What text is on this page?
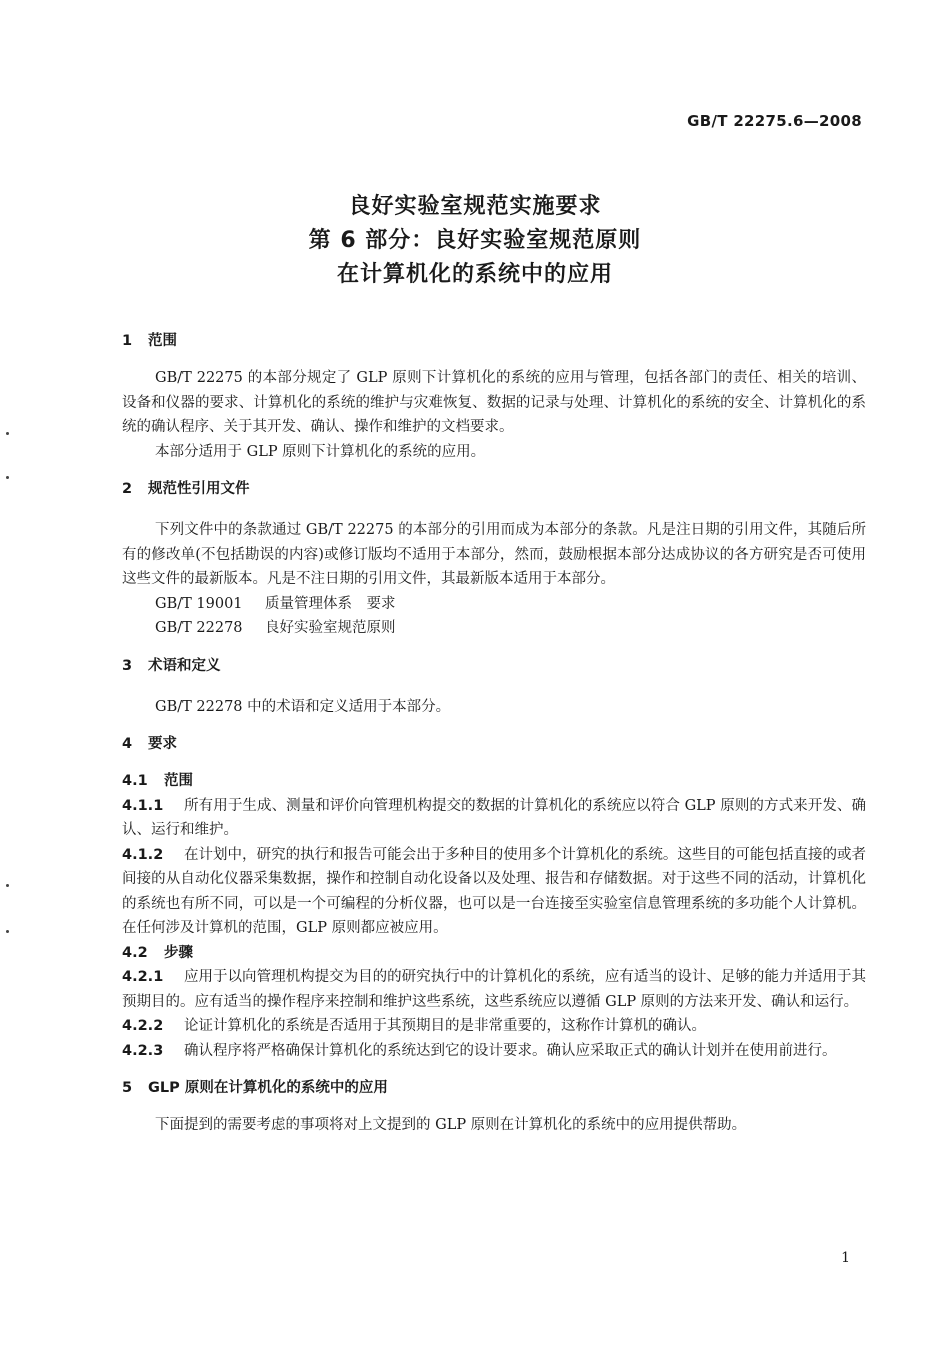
GB/T 22275.6—2008
良好实验室规范实施要求
第 6 部分：良好实验室规范原则
在计算机化的系统中的应用
1 范围

GB/T 22275 的本部分规定了 GLP 原则下计算机化的系统的应用与管理，包括各部门的责任、相关的培训、设备和仪器的要求、计算机化的系统的维护与灾难恢复、数据的记录与处理、计算机化的系统的安全、计算机化的系统的确认程序、关于其开发、确认、操作和维护的文档要求。

本部分适用于 GLP 原则下计算机化的系统的应用。

2 规范性引用文件

下列文件中的条款通过 GB/T 22275 的本部分的引用而成为本部分的条款。凡是注日期的引用文件，其随后所有的修改单(不包括勘误的内容)或修订版均不适用于本部分，然而，鼓励根据本部分达成协议的各方研究是否可使用这些文件的最新版本。凡是不注日期的引用文件，其最新版本适用于本部分。

GB/T 19001 质量管理体系　要求

GB/T 22278 良好实验室规范原则

3 术语和定义

GB/T 22278 中的术语和定义适用于本部分。

4 要求
4.1 范围

4.1.1 所有用于生成、测量和评价向管理机构提交的数据的计算机化的系统应以符合 GLP 原则的方式来开发、确认、运行和维护。

4.1.2 在计划中，研究的执行和报告可能会出于多种目的使用多个计算机化的系统。这些目的可能包括直接的或者间接的从自动化仪器采集数据，操作和控制自动化设备以及处理、报告和存储数据。对于这些不同的活动，计算机化的系统也有所不同，可以是一个可编程的分析仪器，也可以是一台连接至实验室信息管理系统的多功能个人计算机。在任何涉及计算机的范围，GLP 原则都应被应用。

4.2 步骤

4.2.1 应用于以向管理机构提交为目的的研究执行中的计算机化的系统，应有适当的设计、足够的能力并适用于其预期目的。应有适当的操作程序来控制和维护这些系统，这些系统应以遵循 GLP 原则的方法来开发、确认和运行。

4.2.2 论证计算机化的系统是否适用于其预期目的是非常重要的，这称作计算机的确认。

4.2.3 确认程序将严格确保计算机化的系统达到它的设计要求。确认应采取正式的确认计划并在使用前进行。

5 GLP 原则在计算机化的系统中的应用

下面提到的需要考虑的事项将对上文提到的 GLP 原则在计算机化的系统中的应用提供帮助。

1
